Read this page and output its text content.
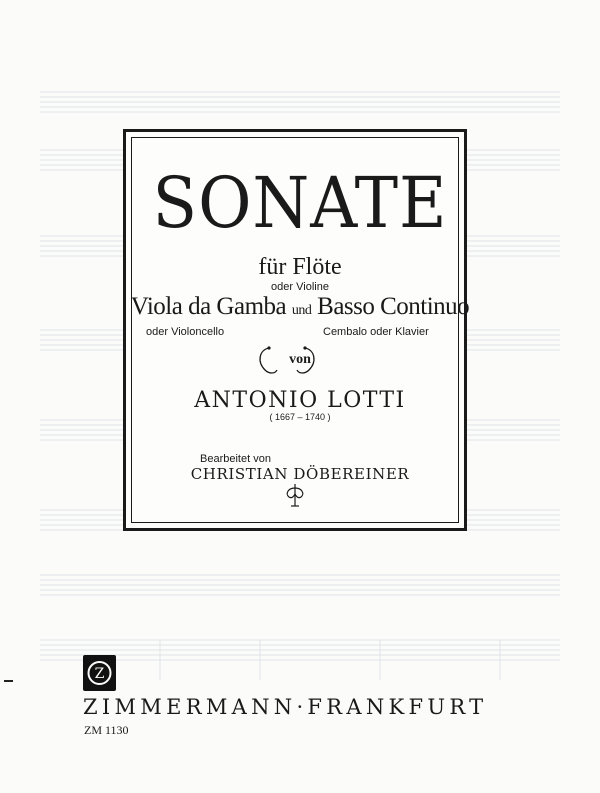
SONATE
für Flöte
oder Violine
Viola da Gamba und Basso Continuo
oder Violoncello	Cembalo oder Klavier
von
ANTONIO LOTTI
( 1667 – 1740 )
Bearbeitet von
CHRISTIAN DÖBEREINER
Z
ZIMMERMANN·FRANKFURT
ZM 1130
